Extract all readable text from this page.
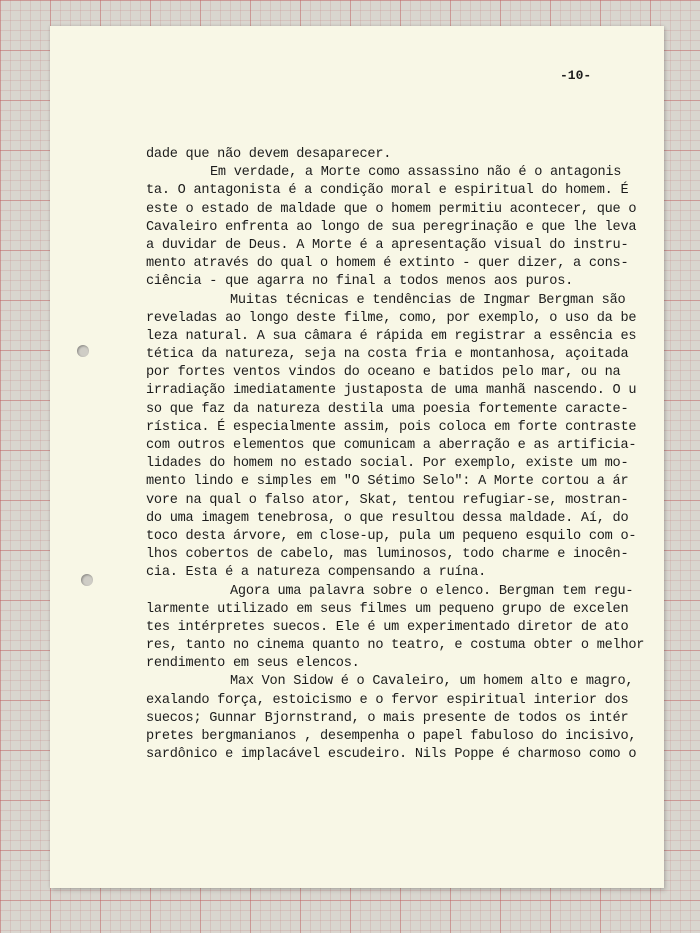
-10-
dade que não devem desaparecer.
Em verdade, a Morte como assassino não é o antagonis
ta. O antagonista é a condição moral e espiritual do homem. É
este o estado de maldade que o homem permitiu acontecer, que o
Cavaleiro enfrenta ao longo de sua peregrinação e que lhe leva
a duvidar de Deus. A Morte é a apresentação visual do instru-
mento através do qual o homem é extinto - quer dizer, a cons-
ciência - que agarra no final a todos menos aos puros.
Muitas técnicas e tendências de Ingmar Bergman são
reveladas ao longo deste filme, como, por exemplo, o uso da be
leza natural. A sua câmara é rápida em registrar a essência es
tética da natureza, seja na costa fria e montanhosa, açoitada
por fortes ventos vindos do oceano e batidos pelo mar, ou na
irradiação imediatamente justaposta de uma manhã nascendo. O u
so que faz da natureza destila uma poesia fortemente caracte-
rística. É especialmente assim, pois coloca em forte contraste
com outros elementos que comunicam a aberração e as artificia-
lidades do homem no estado social. Por exemplo, existe um mo-
mento lindo e simples em "O Sétimo Selo": A Morte cortou a ár
vore na qual o falso ator, Skat, tentou refugiar-se, mostran-
do uma imagem tenebrosa, o que resultou dessa maldade. Aí, do
toco desta árvore, em close-up, pula um pequeno esquilo com o-
lhos cobertos de cabelo, mas luminosos, todo charme e inocên-
cia. Esta é a natureza compensando a ruína.
Agora uma palavra sobre o elenco. Bergman tem regu-
larmente utilizado em seus filmes um pequeno grupo de excelen
tes intérpretes suecos. Ele é um experimentado diretor de ato
res, tanto no cinema quanto no teatro, e costuma obter o melhor
rendimento em seus elencos.
Max Von Sidow é o Cavaleiro, um homem alto e magro,
exalando força, estoicismo e o fervor espiritual interior dos
suecos; Gunnar Bjornstrand, o mais presente de todos os intér
pretes bergmanianos , desempenha o papel fabuloso do incisivo,
sardônico e implacável escudeiro. Nils Poppe é charmoso como o
